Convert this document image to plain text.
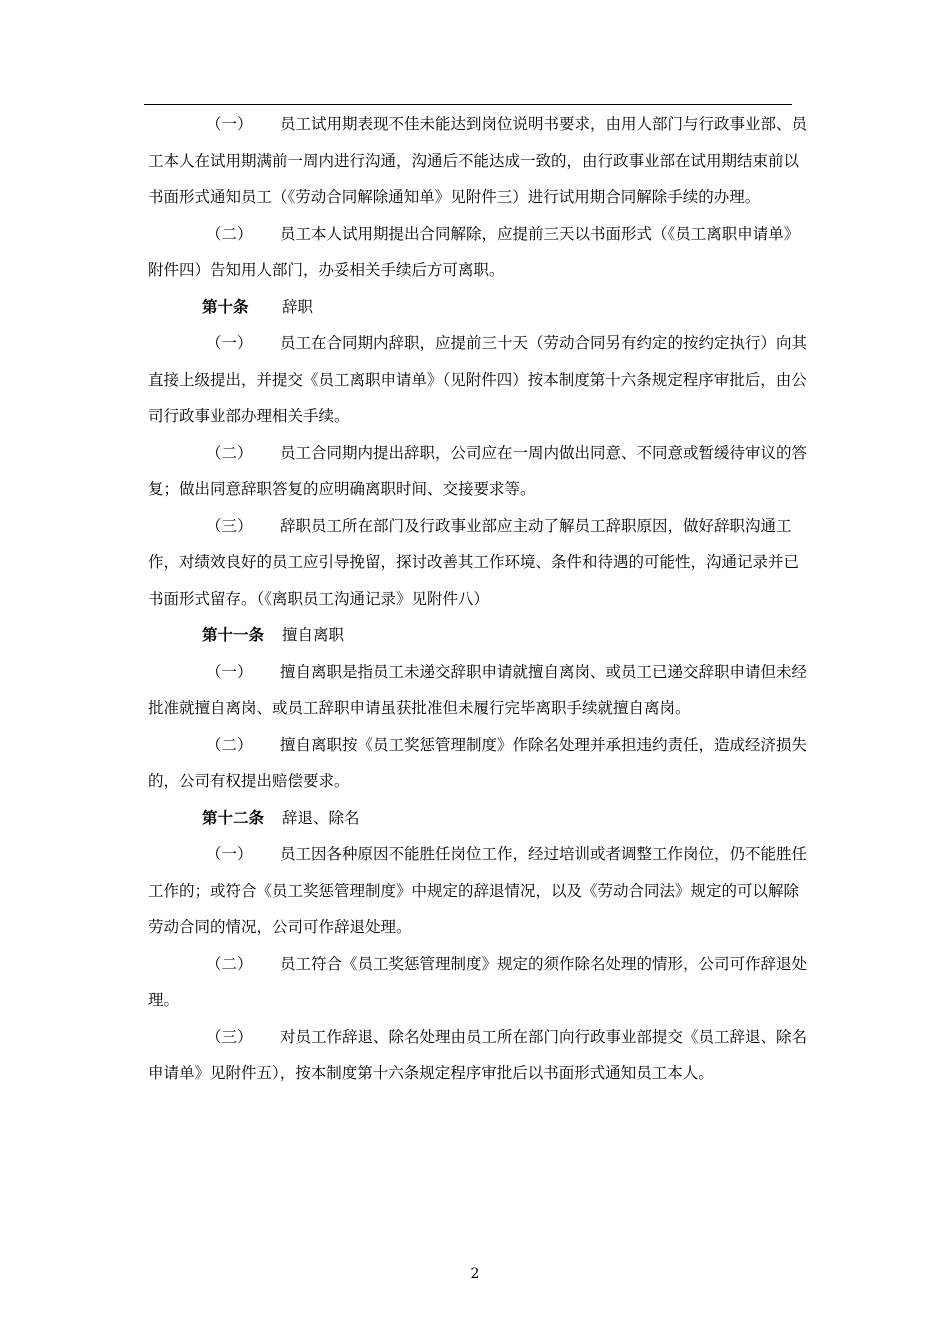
（一） 员工试用期表现不佳未能达到岗位说明书要求，由用人部门与行政事业部、员工本人在试用期满前一周内进行沟通，沟通后不能达成一致的，由行政事业部在试用期结束前以书面形式通知员工（《劳动合同解除通知单》见附件三）进行试用期合同解除手续的办理。

（二） 员工本人试用期提出合同解除，应提前三天以书面形式（《员工离职申请单》附件四）告知用人部门，办妥相关手续后方可离职。

第十条 辞职

（一） 员工在合同期内辞职，应提前三十天（劳动合同另有约定的按约定执行）向其直接上级提出，并提交《员工离职申请单》（见附件四）按本制度第十六条规定程序审批后，由公司行政事业部办理相关手续。

（二） 员工合同期内提出辞职，公司应在一周内做出同意、不同意或暂缓待审议的答复；做出同意辞职答复的应明确离职时间、交接要求等。

（三） 辞职员工所在部门及行政事业部应主动了解员工辞职原因，做好辞职沟通工作，对绩效良好的员工应引导挽留，探讨改善其工作环境、条件和待遇的可能性，沟通记录并已书面形式留存。（《离职员工沟通记录》见附件八）

第十一条 擅自离职

（一） 擅自离职是指员工未递交辞职申请就擅自离岗、或员工已递交辞职申请但未经批准就擅自离岗、或员工辞职申请虽获批准但未履行完毕离职手续就擅自离岗。

（二） 擅自离职按《员工奖惩管理制度》作除名处理并承担违约责任，造成经济损失的，公司有权提出赔偿要求。

第十二条 辞退、除名

（一） 员工因各种原因不能胜任岗位工作，经过培训或者调整工作岗位，仍不能胜任工作的；或符合《员工奖惩管理制度》中规定的辞退情况，以及《劳动合同法》规定的可以解除劳动合同的情况，公司可作辞退处理。

（二） 员工符合《员工奖惩管理制度》规定的须作除名处理的情形，公司可作辞退处理。

（三） 对员工作辞退、除名处理由员工所在部门向行政事业部提交《员工辞退、除名申请单》见附件五），按本制度第十六条规定程序审批后以书面形式通知员工本人。

2
